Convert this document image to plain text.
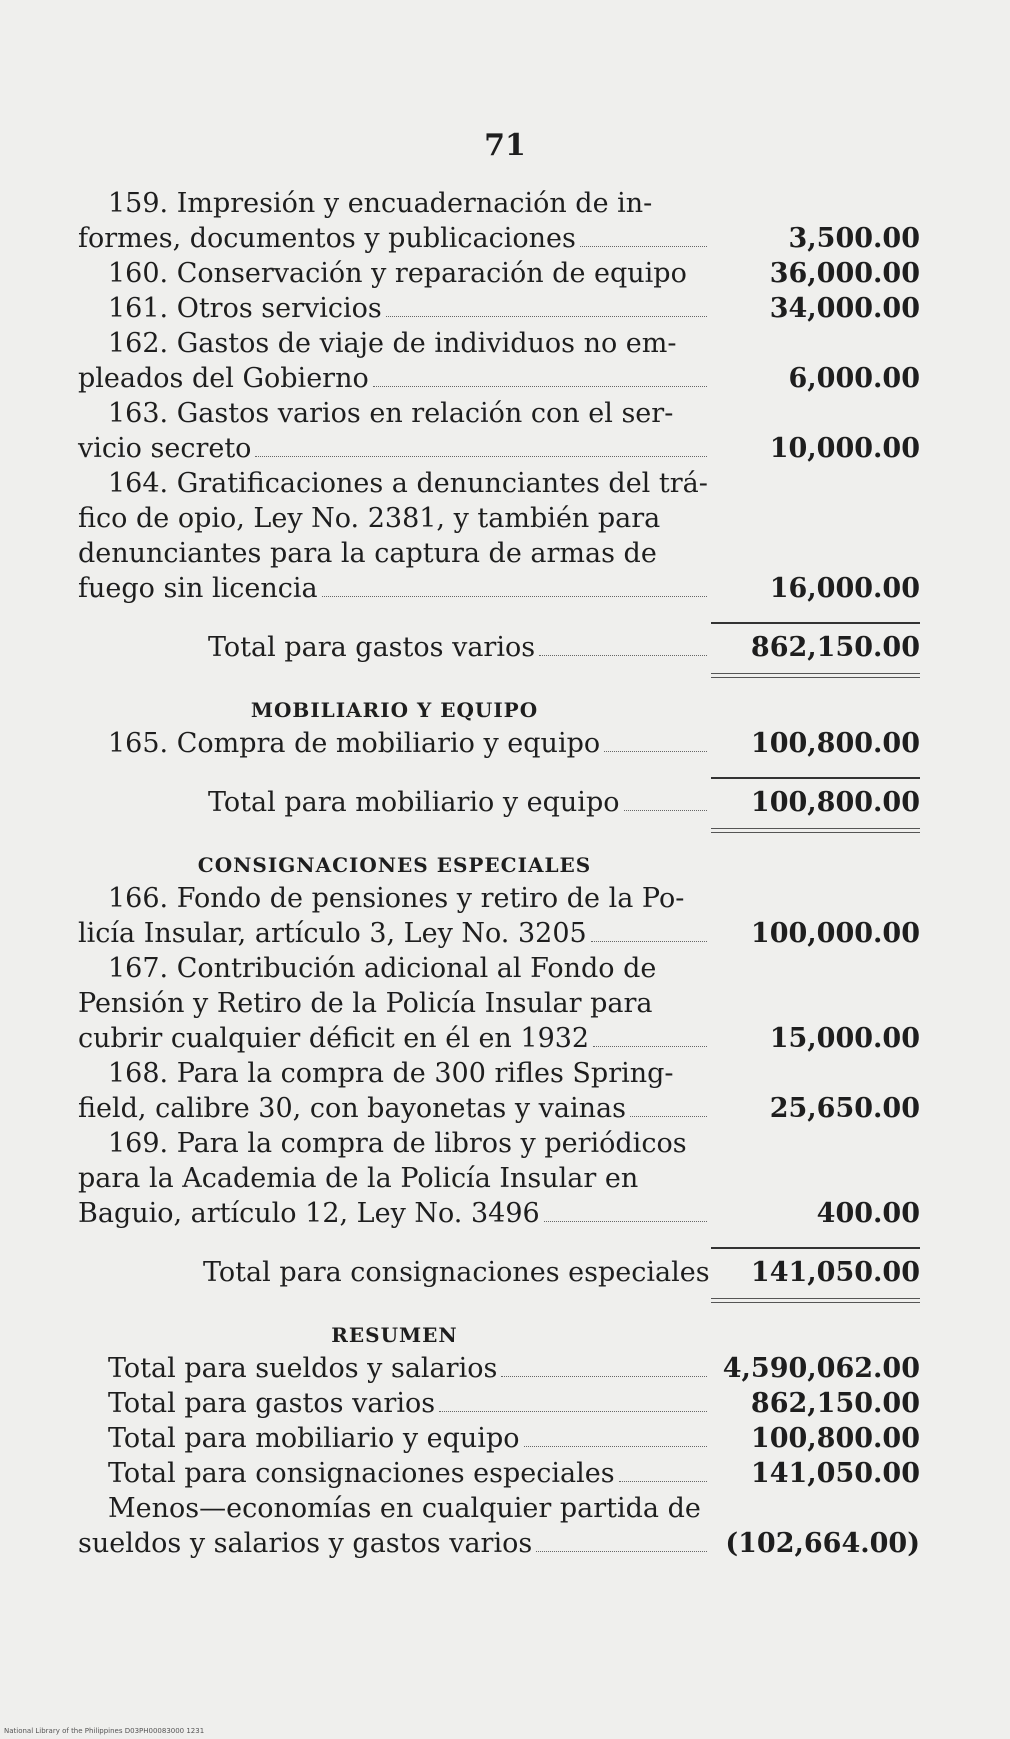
71
159. Impresión y encuadernación de in-
formes, documentos y publicaciones	3,500.00
160. Conservación y reparación de equipo	36,000.00
161. Otros servicios	34,000.00
162. Gastos de viaje de individuos no em-
pleados del Gobierno	6,000.00
163. Gastos varios en relación con el ser-
vicio secreto	10,000.00
164. Gratificaciones a denunciantes del trá-
fico de opio, Ley No. 2381, y también para
denunciantes para la captura de armas de
fuego sin licencia	16,000.00
Total para gastos varios	862,150.00
MOBILIARIO Y EQUIPO
165. Compra de mobiliario y equipo	100,800.00
Total para mobiliario y equipo	100,800.00
CONSIGNACIONES ESPECIALES
166. Fondo de pensiones y retiro de la Po-
licía Insular, artículo 3, Ley No. 3205	100,000.00
167. Contribución adicional al Fondo de
Pensión y Retiro de la Policía Insular para
cubrir cualquier déficit en él en 1932	15,000.00
168. Para la compra de 300 rifles Spring-
field, calibre 30, con bayonetas y vainas	25,650.00
169. Para la compra de libros y periódicos
para la Academia de la Policía Insular en
Baguio, artículo 12, Ley No. 3496	400.00
Total para consignaciones especiales	141,050.00
RESUMEN
Total para sueldos y salarios	4,590,062.00
Total para gastos varios	862,150.00
Total para mobiliario y equipo	100,800.00
Total para consignaciones especiales	141,050.00
Menos—economías en cualquier partida de
sueldos y salarios y gastos varios	(102,664.00)
National Library of the Philippines D03PH00083000 1231
